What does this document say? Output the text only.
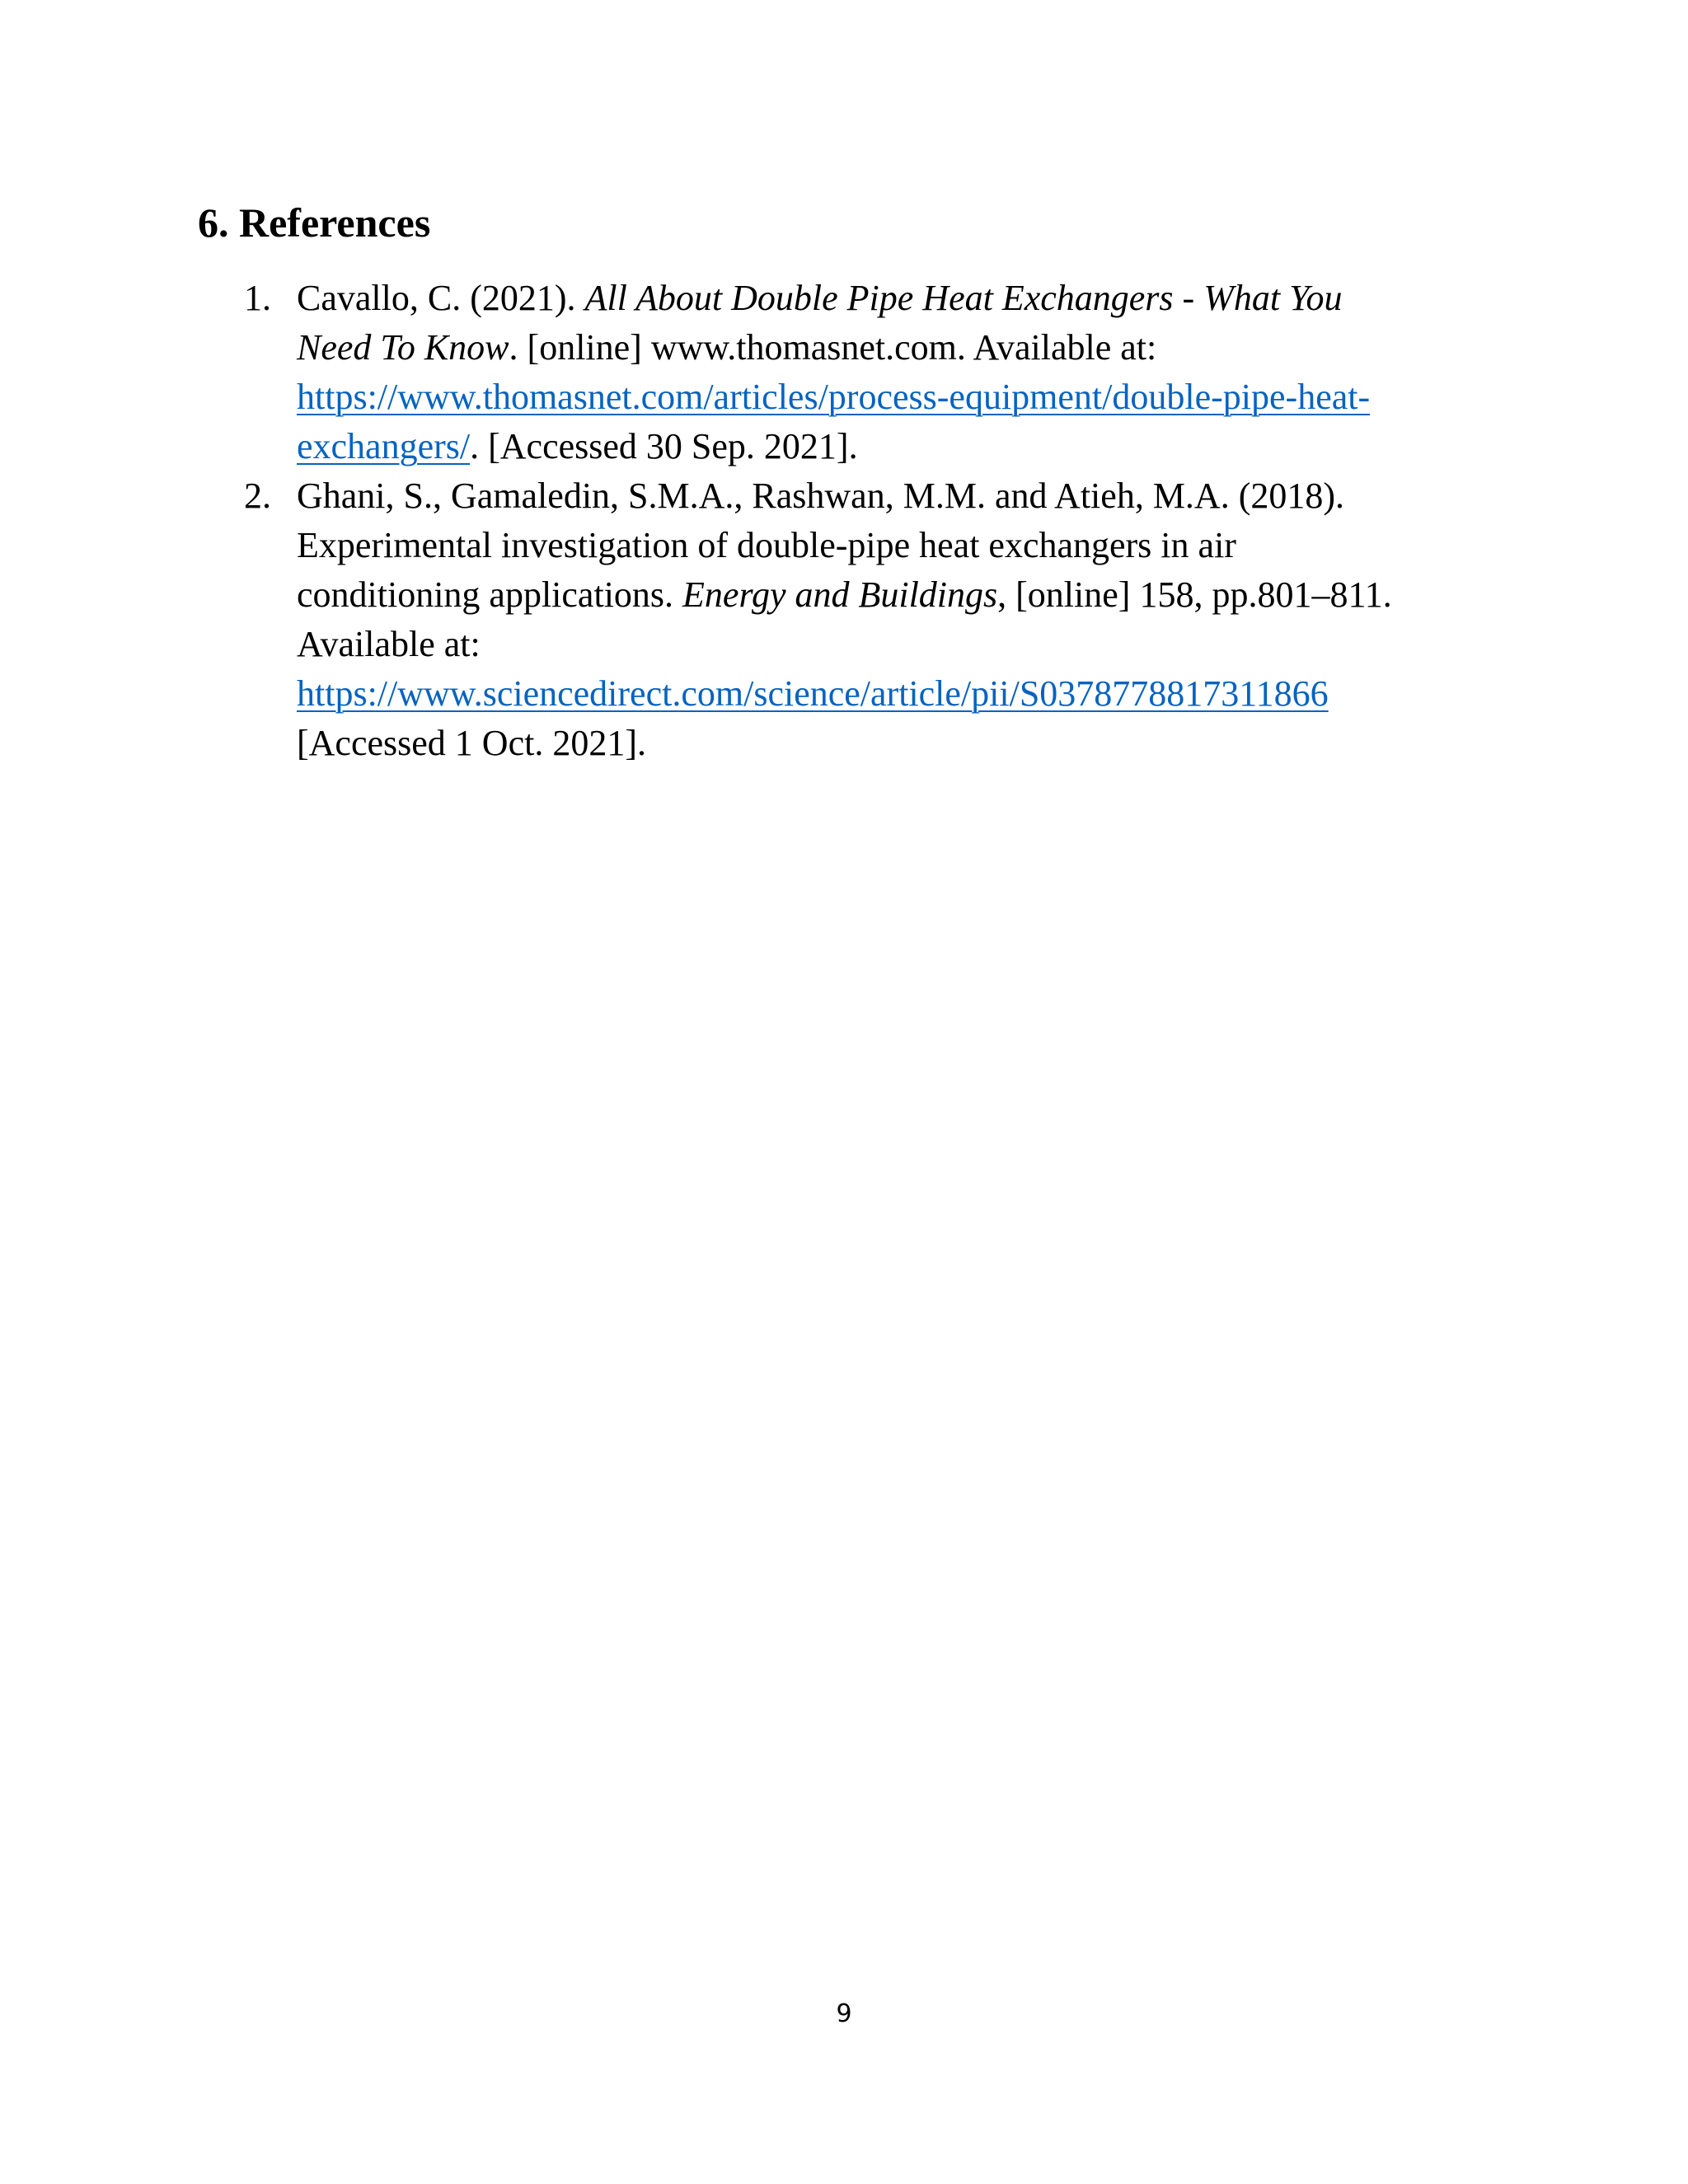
6. References
1. Cavallo, C. (2021). All About Double Pipe Heat Exchangers - What You
Need To Know. [online] www.thomasnet.com. Available at:
https://www.thomasnet.com/articles/process-equipment/double-pipe-heat-
exchangers/. [Accessed 30 Sep. 2021].
2. Ghani, S., Gamaledin, S.M.A., Rashwan, M.M. and Atieh, M.A. (2018).
Experimental investigation of double-pipe heat exchangers in air
conditioning applications. Energy and Buildings, [online] 158, pp.801–811.
Available at:
https://www.sciencedirect.com/science/article/pii/S0378778817311866
[Accessed 1 Oct. 2021].
9
